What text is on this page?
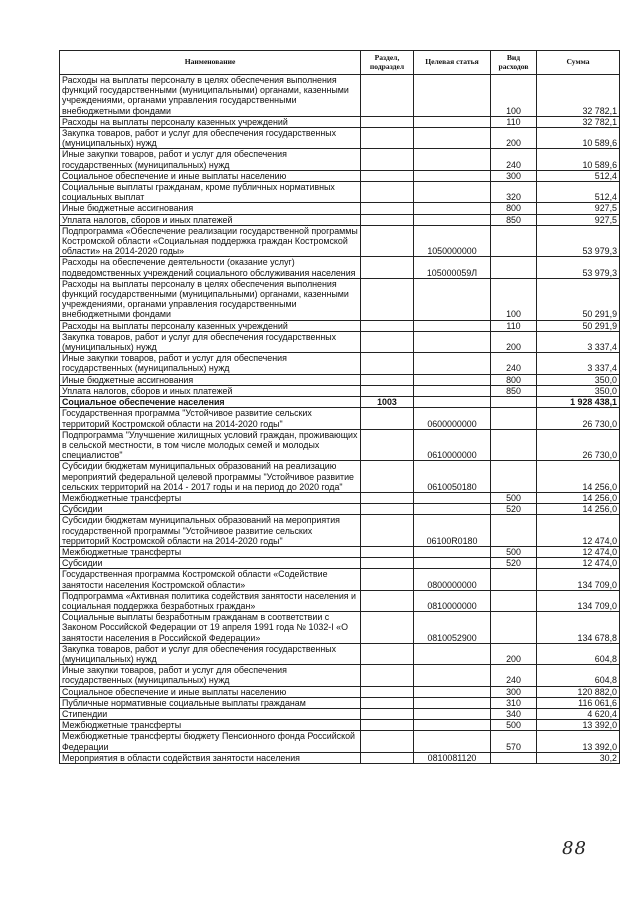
Наименование	Раздел, подраздел	Целевая статья	Вид расходов	Сумма
Расходы на выплаты персоналу в целях обеспечения выполнения функций государственными (муниципальными) органами, казенными учреждениями, органами управления государственными внебюджетными фондами			100	32 782,1
Расходы на выплаты персоналу казенных учреждений			110	32 782,1
Закупка товаров, работ и услуг для обеспечения государственных (муниципальных) нужд			200	10 589,6
Иные закупки товаров, работ и услуг для обеспечения государственных (муниципальных) нужд			240	10 589,6
Социальное обеспечение и иные выплаты населению			300	512,4
Социальные выплаты гражданам, кроме публичных нормативных социальных выплат			320	512,4
Иные бюджетные ассигнования			800	927,5
Уплата налогов, сборов и иных платежей			850	927,5
Подпрограмма «Обеспечение реализации государственной программы Костромской области «Социальная поддержка граждан Костромской области» на 2014-2020 годы»		1050000000		53 979,3
Расходы на обеспечение деятельности (оказание услуг) подведомственных учреждений социального обслуживания населения		105000059Л		53 979,3
Расходы на выплаты персоналу в целях обеспечения выполнения функций государственными (муниципальными) органами, казенными учреждениями, органами управления государственными внебюджетными фондами			100	50 291,9
Расходы на выплаты персоналу казенных учреждений			110	50 291,9
Закупка товаров, работ и услуг для обеспечения государственных (муниципальных) нужд			200	3 337,4
Иные закупки товаров, работ и услуг для обеспечения государственных (муниципальных) нужд			240	3 337,4
Иные бюджетные ассигнования			800	350,0
Уплата налогов, сборов и иных платежей			850	350,0
Социальное обеспечение населения	1003			1 928 438,1
Государственная программа "Устойчивое развитие сельских территорий Костромской области на 2014-2020 годы"		0600000000		26 730,0
Подпрограмма "Улучшение жилищных условий граждан, проживающих в сельской местности, в том числе молодых семей и молодых специалистов"		0610000000		26 730,0
Субсидии бюджетам муниципальных образований на реализацию мероприятий федеральной целевой программы "Устойчивое развитие сельских территорий на 2014 - 2017 годы и на период до 2020 года"		0610050180		14 256,0
Межбюджетные трансферты			500	14 256,0
Субсидии			520	14 256,0
Субсидии бюджетам муниципальных образований на мероприятия государственной программы "Устойчивое развитие сельских территорий Костромской области на 2014-2020 годы"		06100R0180		12 474,0
Межбюджетные трансферты			500	12 474,0
Субсидии			520	12 474,0
Государственная программа Костромской области «Содействие занятости населения Костромской области»		0800000000		134 709,0
Подпрограмма «Активная политика содействия занятости населения и социальная поддержка безработных граждан»		0810000000		134 709,0
Социальные выплаты безработным гражданам в соответствии с Законом Российской Федерации от 19 апреля 1991 года № 1032-I «О занятости населения в Российской Федерации»		0810052900		134 678,8
Закупка товаров, работ и услуг для обеспечения государственных (муниципальных) нужд			200	604,8
Иные закупки товаров, работ и услуг для обеспечения государственных (муниципальных) нужд			240	604,8
Социальное обеспечение и иные выплаты населению			300	120 882,0
Публичные нормативные социальные выплаты гражданам			310	116 061,6
Стипендии			340	4 620,4
Межбюджетные трансферты			500	13 392,0
Межбюджетные трансферты бюджету Пенсионного фонда Российской Федерации			570	13 392,0
Мероприятия в области содействия занятости населения		0810081120		30,2
88
